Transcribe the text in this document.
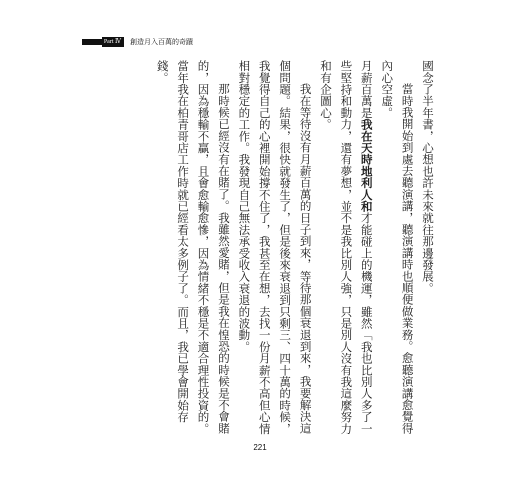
Part Ⅳ	創造月入百萬的奇蹟

國念了半年書，心想也許未來就往那邊發展。

當時我開始到處去聽演講，聽演講時也順便做業務。愈聽演講愈覺得內心空虛。

月薪百萬是我在天時地利人和才能碰上的機運，雖然「我也比別人多了一些堅持和動力，還有夢想，並不是我比別人強，只是別人沒有我這麼努力和有企圖心。

我在等待沒有月薪百萬的日子到來，等待那個衰退到來，我要解決這個問題。結果，很快就發生了，但是後來衰退到只剩三、四十萬的時候，我覺得自己的心裡開始撐不住了，我甚至在想，去找一份月薪不高但心情相對穩定的工作。我發現自己無法承受收入衰退的波動。

那時候已經沒有在賭了。我雖然愛賭，但是我在惶恐的時候是不會賭的，因為穩輸不贏，且會愈輸愈慘，因為情緒不穩是不適合理性投資的。當年我在柏青哥店工作時就已經看太多例子了。而且，我已學會開始存錢。

221
